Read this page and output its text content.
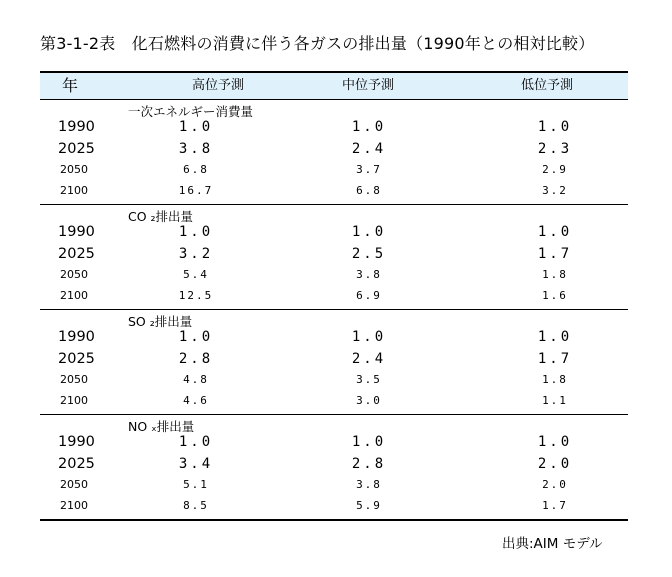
第3-1-2表　化石燃料の消費に伴う各ガスの排出量（1990年との相対比較）
年	高位予測	中位予測	低位予測
一次エネルギー消費量
1990	1.0	1.0	1.0
2025	3.8	2.4	2.3
2050	6.8	3.7	2.9
2100	16.7	6.8	3.2
CO ₂排出量
1990	1.0	1.0	1.0
2025	3.2	2.5	1.7
2050	5.4	3.8	1.8
2100	12.5	6.9	1.6
SO ₂排出量
1990	1.0	1.0	1.0
2025	2.8	2.4	1.7
2050	4.8	3.5	1.8
2100	4.6	3.0	1.1
NO ₓ排出量
1990	1.0	1.0	1.0
2025	3.4	2.8	2.0
2050	5.1	3.8	2.0
2100	8.5	5.9	1.7
出典:AIM モデル
